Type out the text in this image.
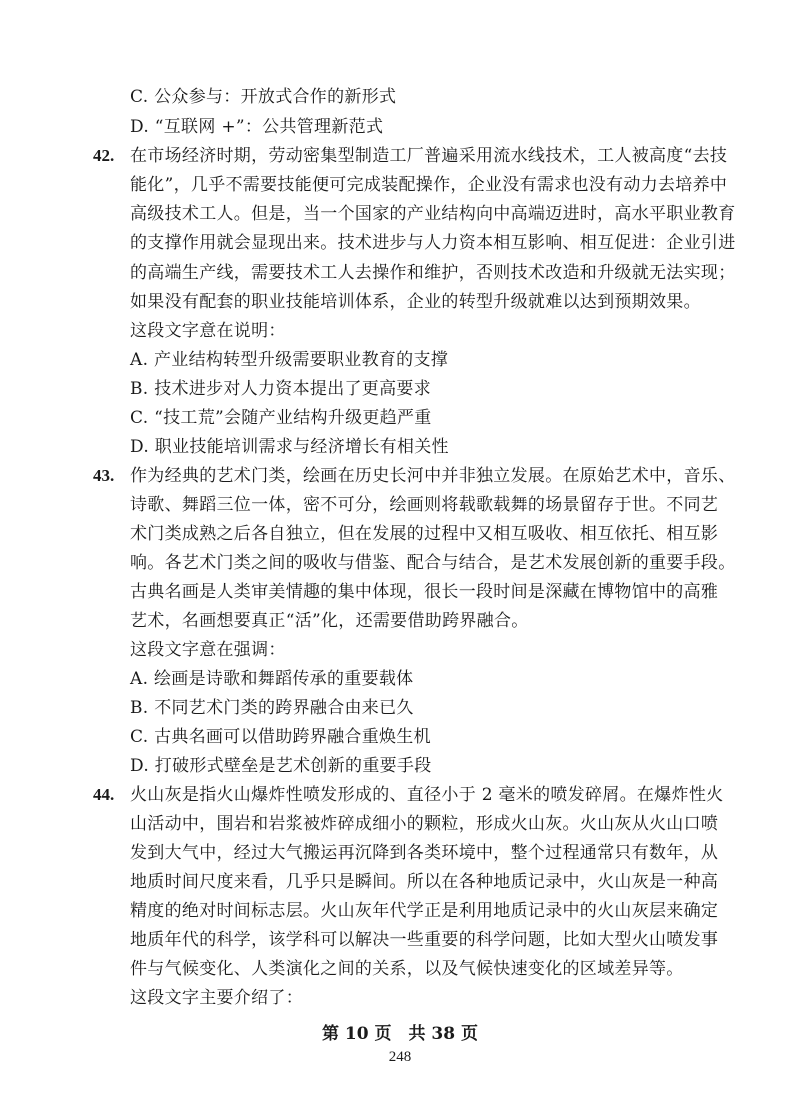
C. 公众参与：开放式合作的新形式
D. “互联网 +”：公共管理新范式
42. 在市场经济时期，劳动密集型制造工厂普遍采用流水线技术，工人被高度“去技
能化”，几乎不需要技能便可完成装配操作，企业没有需求也没有动力去培养中
高级技术工人。但是，当一个国家的产业结构向中高端迈进时，高水平职业教育
的支撑作用就会显现出来。技术进步与人力资本相互影响、相互促进：企业引进
的高端生产线，需要技术工人去操作和维护，否则技术改造和升级就无法实现；
如果没有配套的职业技能培训体系，企业的转型升级就难以达到预期效果。
这段文字意在说明：
A. 产业结构转型升级需要职业教育的支撑
B. 技术进步对人力资本提出了更高要求
C. “技工荒”会随产业结构升级更趋严重
D. 职业技能培训需求与经济增长有相关性
43. 作为经典的艺术门类，绘画在历史长河中并非独立发展。在原始艺术中，音乐、
诗歌、舞蹈三位一体，密不可分，绘画则将载歌载舞的场景留存于世。不同艺
术门类成熟之后各自独立，但在发展的过程中又相互吸收、相互依托、相互影
响。各艺术门类之间的吸收与借鉴、配合与结合，是艺术发展创新的重要手段。
古典名画是人类审美情趣的集中体现，很长一段时间是深藏在博物馆中的高雅
艺术，名画想要真正“活”化，还需要借助跨界融合。
这段文字意在强调：
A. 绘画是诗歌和舞蹈传承的重要载体
B. 不同艺术门类的跨界融合由来已久
C. 古典名画可以借助跨界融合重焕生机
D. 打破形式壁垒是艺术创新的重要手段
44. 火山灰是指火山爆炸性喷发形成的、直径小于 2 毫米的喷发碎屑。在爆炸性火
山活动中，围岩和岩浆被炸碎成细小的颗粒，形成火山灰。火山灰从火山口喷
发到大气中，经过大气搬运再沉降到各类环境中，整个过程通常只有数年，从
地质时间尺度来看，几乎只是瞬间。所以在各种地质记录中，火山灰是一种高
精度的绝对时间标志层。火山灰年代学正是利用地质记录中的火山灰层来确定
地质年代的科学，该学科可以解决一些重要的科学问题，比如大型火山喷发事
件与气候变化、人类演化之间的关系，以及气候快速变化的区域差异等。
这段文字主要介绍了：
第 10 页　共 38 页
248
